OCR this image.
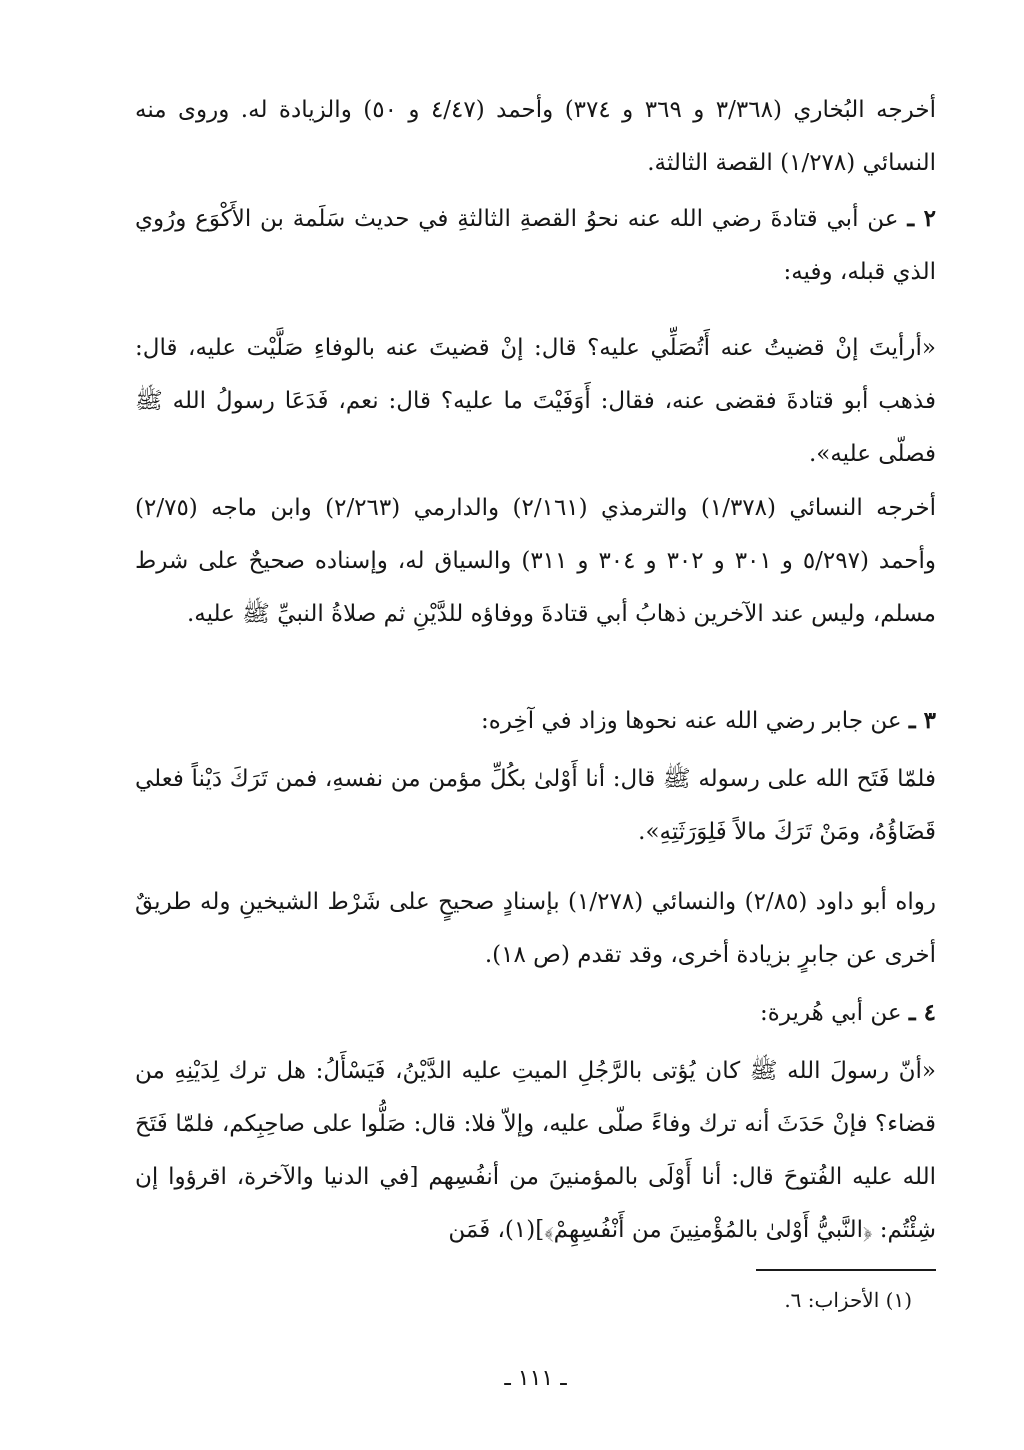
أخرجه البُخاري (٣/٣٦٨ و ٣٦٩ و ٣٧٤) وأحمد (٤/٤٧ و ٥٠) والزيادة له. وروى منه النسائي (١/٢٧٨) القصة الثالثة.

٢ ـ عن أبي قتادةَ رضي الله عنه نحوُ القصةِ الثالثةِ في حديث سَلَمة بن الأَكْوَع ورُوي الذي قبله، وفيه:

«أرأيتَ إنْ قضيتُ عنه أَتُصَلِّي عليه؟ قال: إنْ قضيتَ عنه بالوفاءِ صَلَّيْت عليه، قال: فذهب أبو قتادةَ فقضى عنه، فقال: أَوَفَيْتَ ما عليه؟ قال: نعم، فَدَعَا رسولُ الله ﷺ فصلّى عليه».

أخرجه النسائي (١/٣٧٨) والترمذي (٢/١٦١) والدارمي (٢/٢٦٣) وابن ماجه (٢/٧٥) وأحمد (٥/٢٩٧ و ٣٠١ و ٣٠٢ و ٣٠٤ و ٣١١) والسياق له، وإسناده صحيحٌ على شرط مسلم، وليس عند الآخرين ذهابُ أبي قتادةَ ووفاؤه للدَّيْنِ ثم صلاةُ النبيِّ ﷺ عليه.

٣ ـ عن جابر رضي الله عنه نحوها وزاد في آخِره:

فلمّا فَتَح الله على رسوله ﷺ قال: أنا أَوْلىٰ بكُلِّ مؤمن من نفسهِ، فمن تَرَكَ دَيْناً فعلي قَضَاؤُهُ، ومَنْ تَرَكَ مالاً فَلِوَرَثَتِهِ».

رواه أبو داود (٢/٨٥) والنسائي (١/٢٧٨) بإسنادٍ صحيحٍ على شَرْط الشيخينِ وله طريقٌ أخرى عن جابرٍ بزيادة أخرى، وقد تقدم (ص ١٨).

٤ ـ عن أبي هُريرة:

«أنّ رسولَ الله ﷺ كان يُؤتى بالرَّجُلِ الميتِ عليه الدَّيْنُ، فَيَسْأَلُ: هل ترك لِدَيْنِهِ من قضاء؟ فإنْ حَدَثَ أنه ترك وفاءً صلّى عليه، وإلاّ فلا: قال: صَلُّوا على صاحِبِكم، فلمّا فَتَحَ الله عليه الفُتوحَ قال: أنا أَوْلَى بالمؤمنينَ من أنفُسِهم [في الدنيا والآخرة، اقرؤوا إن شِئْتُم: ﴿النَّبيُّ أَوْلىٰ بالمُؤْمنِينَ من أَنْفُسِهِمْ﴾](١)، فَمَن

(١) الأحزاب: ٦.
ـ ١١١ ـ
